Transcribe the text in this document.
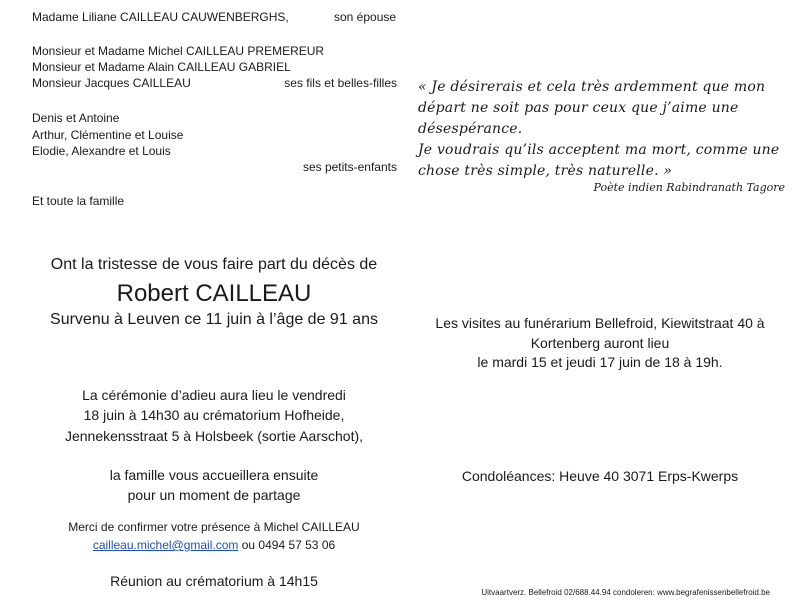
Madame Liliane CAILLEAU CAUWENBERGHS,	son épouse
Monsieur et Madame Michel CAILLEAU PREMEREUR
Monsieur et Madame Alain CAILLEAU GABRIEL
Monsieur Jacques CAILLEAU	ses fils et belles-filles
Denis et Antoine
Arthur, Clémentine et Louise
Elodie, Alexandre et Louis
ses petits-enfants
Et toute la famille
Ont la tristesse de vous faire part du décès de
Robert CAILLEAU
Survenu à Leuven ce 11 juin à l’âge de 91 ans
La cérémonie d’adieu aura lieu le vendredi
18 juin à 14h30 au crématorium Hofheide,
Jennekensstraat 5 à Holsbeek (sortie Aarschot),
la famille vous accueillera ensuite
pour un moment de partage
Merci de confirmer votre présence à Michel CAILLEAU
cailleau.michel@gmail.com ou 0494 57 53 06
Réunion au crématorium à 14h15
« Je désirerais et cela très ardemment que mon
départ ne soit pas pour ceux que j’aime une
désespérance.
Je voudrais qu’ils acceptent ma mort, comme une
chose très simple, très naturelle. »
Poète indien Rabindranath Tagore
Les visites au funérarium Bellefroid, Kiewitstraat 40 à
Kortenberg auront lieu
le mardi 15 et jeudi 17 juin de 18 à 19h.
Condoléances: Heuve 40 3071 Erps-Kwerps
Uitvaartverz. Bellefroid 02/688.44.94 condoleren: www.begrafenissenbellefroid.be
